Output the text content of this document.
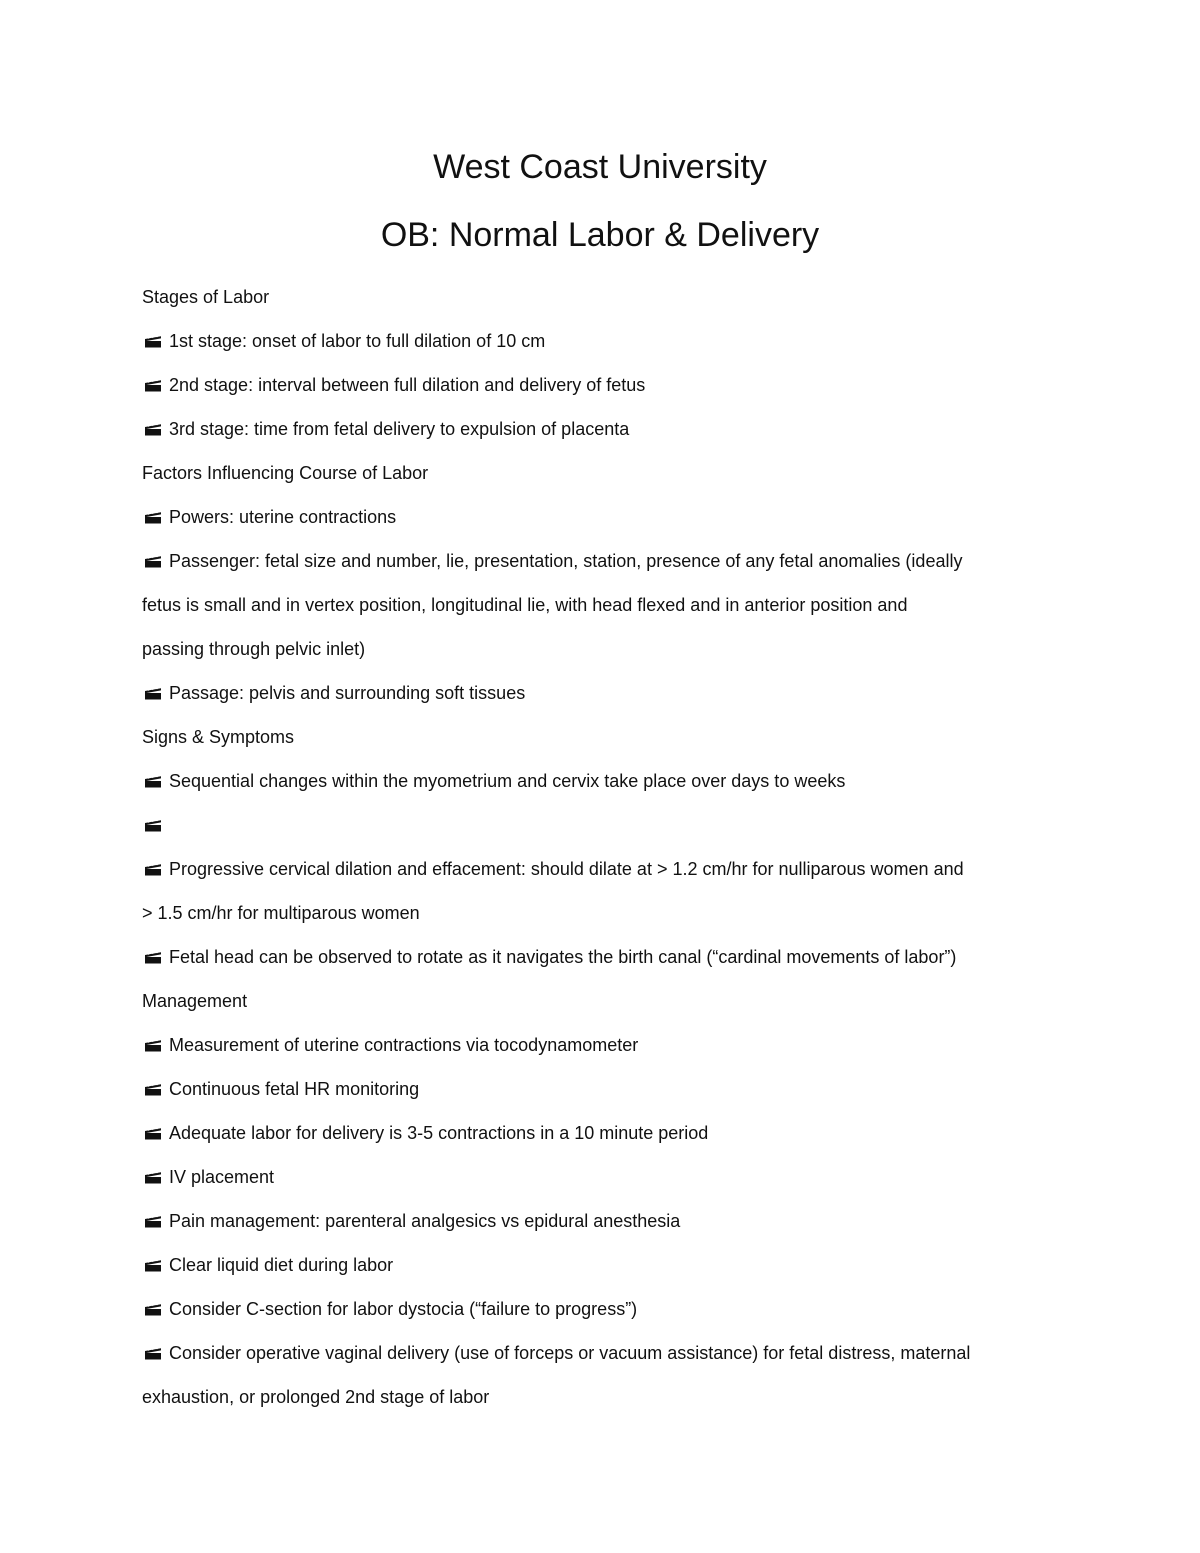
West Coast University
OB: Normal Labor & Delivery
Stages of Labor
1st stage: onset of labor to full dilation of 10 cm
2nd stage: interval between full dilation and delivery of fetus
3rd stage: time from fetal delivery to expulsion of placenta
Factors Influencing Course of Labor
Powers: uterine contractions
Passenger: fetal size and number, lie, presentation, station, presence of any fetal anomalies (ideally
fetus is small and in vertex position, longitudinal lie, with head flexed and in anterior position and
passing through pelvic inlet)
Passage: pelvis and surrounding soft tissues
Signs & Symptoms
Sequential changes within the myometrium and cervix take place over days to weeks
Progressive cervical dilation and effacement: should dilate at > 1.2 cm/hr for nulliparous women and
> 1.5 cm/hr for multiparous women
Fetal head can be observed to rotate as it navigates the birth canal (“cardinal movements of labor”)
Management
Measurement of uterine contractions via tocodynamometer
Continuous fetal HR monitoring
Adequate labor for delivery is 3-5 contractions in a 10 minute period
IV placement
Pain management: parenteral analgesics vs epidural anesthesia
Clear liquid diet during labor
Consider C-section for labor dystocia (“failure to progress”)
Consider operative vaginal delivery (use of forceps or vacuum assistance) for fetal distress, maternal
exhaustion, or prolonged 2nd stage of labor
